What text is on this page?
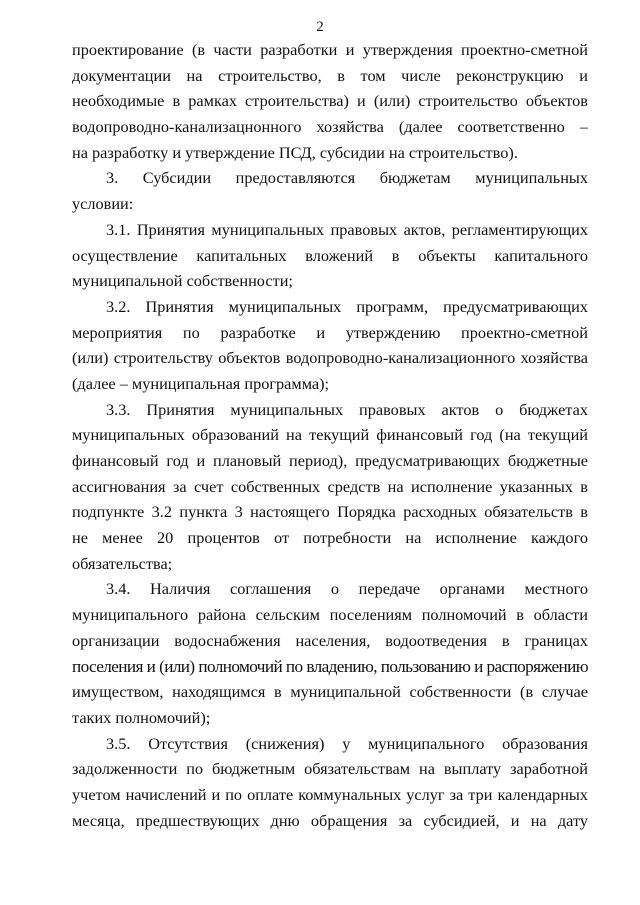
2
проектирование (в части разработки и утверждения проектно-сметной
документации на строительство, в том числе реконструкцию и
необходимые в рамках строительства) и (или) строительство объектов
водопроводно-канализацнонного хозяйства (далее соответственно –
на разработку и утверждение ПСД, субсидии на строительство).
3. Субсидии предоставляются бюджетам муниципальных
условии:
3.1. Принятия муниципальных правовых актов, регламентирующих
осуществление капитальных вложений в объекты капитального
муниципальной собственности;
3.2. Принятия муниципальных программ, предусматривающих
мероприятия по разработке и утверждению проектно-сметной
(или) строительству объектов водопроводно-канализационного хозяйства
(далее – муниципальная программа);
3.3. Принятия муниципальных правовых актов о бюджетах
муниципальных образований на текущий финансовый год (на текущий
финансовый год и плановый период), предусматривающих бюджетные
ассигнования за счет собственных средств на исполнение указанных в
подпункте 3.2 пункта 3 настоящего Порядка расходных обязательств в
не менее 20 процентов от потребности на исполнение каждого
обязательства;
3.4. Наличия соглашения о передаче органами местного
муниципального района сельским поселениям полномочий в области
организации водоснабжения населения, водоотведения в границах
поселения и (или) полномочий по владению, пользованию и распоряжению
имуществом, находящимся в муниципальной собственности (в случае
таких полномочий);
3.5. Отсутствия (снижения) у муниципального образования
задолженности по бюджетным обязательствам на выплату заработной
учетом начислений и по оплате коммунальных услуг за три календарных
месяца, предшествующих дню обращения за субсидией, и на дату
